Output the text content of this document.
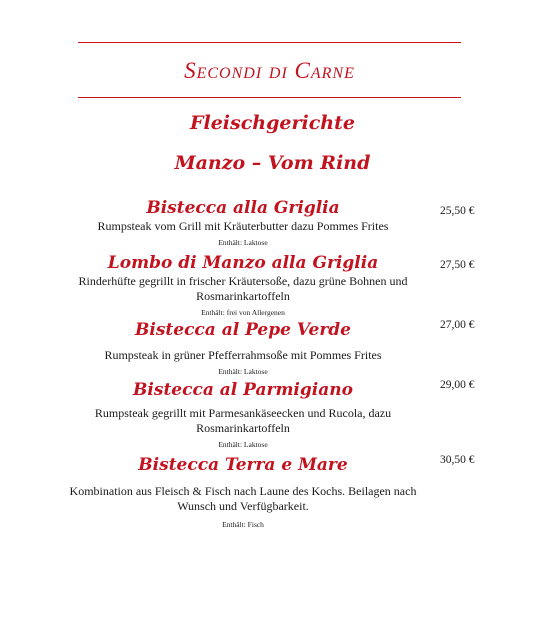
Secondi di Carne
Fleischgerichte
Manzo – Vom Rind
Bistecca alla Griglia
Rumpsteak vom Grill mit Kräuterbutter dazu Pommes Frites
Enthält: Laktose
25,50 €
Lombo di Manzo alla Griglia
Rinderhüfte gegrillt in frischer Kräutersoße, dazu grüne Bohnen und Rosmarinkartoffeln
Enthält: frei von Allergenen
27,50 €
Bistecca al Pepe Verde
Rumpsteak in grüner Pfefferrahmsoße mit Pommes Frites
Enthält: Laktose
27,00 €
Bistecca al Parmigiano
Rumpsteak gegrillt mit Parmesankäseecken und Rucola, dazu Rosmarinkartoffeln
Enthält: Laktose
29,00 €
Bistecca Terra e Mare
Kombination aus Fleisch & Fisch nach Laune des Kochs. Beilagen nach Wunsch und Verfügbarkeit.
Enthält: Fisch
30,50 €
